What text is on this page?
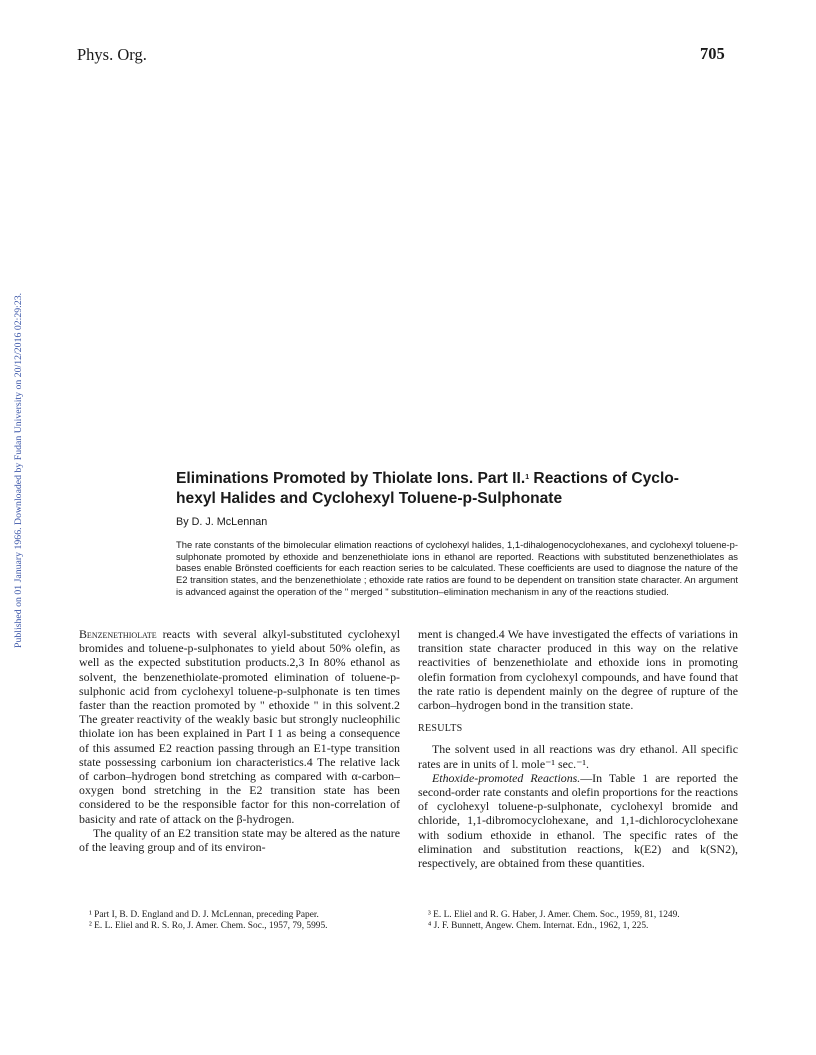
Phys. Org.	705
Published on 01 January 1966. Downloaded by Fudan University on 20/12/2016 02:29:23.	Eliminations Promoted by Thiolate Ions. Part II.$^1$ Reactions of Cyclo-
hexyl Halides and Cyclohexyl Toluene-p-Sulphonate
By D. J. McLennan
The rate constants of the bimolecular elimation reactions of cyclohexyl halides, 1,1-dihalogenocyclohexanes, and cyclohexyl toluene-p-sulphonate promoted by ethoxide and benzenethiolate ions in ethanol are reported. Reactions with substituted benzenethiolates as bases enable Brönsted coefficients for each reaction series to be calculated. These coefficients are used to diagnose the nature of the E2 transition states, and the benzenethiolate ; ethoxide rate ratios are found to be dependent on transition state character. An argument is advanced against the operation of the " merged " substitution–elimination mechanism in any of the reactions studied.

Benzenethiolate reacts with several alkyl-substituted cyclohexyl bromides and toluene-p-sulphonates to yield about 50% olefin, as well as the expected substitution products.2,3 In 80% ethanol as solvent, the benzenethiolate-promoted elimination of toluene-p-sulphonic acid from cyclohexyl toluene-p-sulphonate is ten times faster than the reaction promoted by " ethoxide " in this solvent.2 The greater reactivity of the weakly basic but strongly nucleophilic thiolate ion has been explained in Part I 1 as being a consequence of this assumed E2 reaction passing through an E1-type transition state possessing carbonium ion characteristics.4 The relative lack of carbon–hydrogen bond stretching as compared with α-carbon–oxygen bond stretching in the E2 transition state has been considered to be the responsible factor for this non-correlation of basicity and rate of attack on the β-hydrogen.

The quality of an E2 transition state may be altered as the nature of the leaving group and of its environ-

ment is changed.4 We have investigated the effects of variations in transition state character produced in this way on the relative reactivities of benzenethiolate and ethoxide ions in promoting olefin formation from cyclohexyl compounds, and have found that the rate ratio is dependent mainly on the degree of rupture of the carbon–hydrogen bond in the transition state.

RESULTS

The solvent used in all reactions was dry ethanol. All specific rates are in units of l. mole⁻¹ sec.⁻¹.

Ethoxide-promoted Reactions.—In Table 1 are reported the second-order rate constants and olefin proportions for the reactions of cyclohexyl toluene-p-sulphonate, cyclohexyl bromide and chloride, 1,1-dibromocyclohexane, and 1,1-dichlorocyclohexane with sodium ethoxide in ethanol. The specific rates of the elimination and substitution reactions, k(E2) and k(SN2), respectively, are obtained from these quantities.

¹ Part I, B. D. England and D. J. McLennan, preceding Paper.

² E. L. Eliel and R. S. Ro, J. Amer. Chem. Soc., 1957, 79, 5995.

³ E. L. Eliel and R. G. Haber, J. Amer. Chem. Soc., 1959, 81, 1249.

⁴ J. F. Bunnett, Angew. Chem. Internat. Edn., 1962, 1, 225.
